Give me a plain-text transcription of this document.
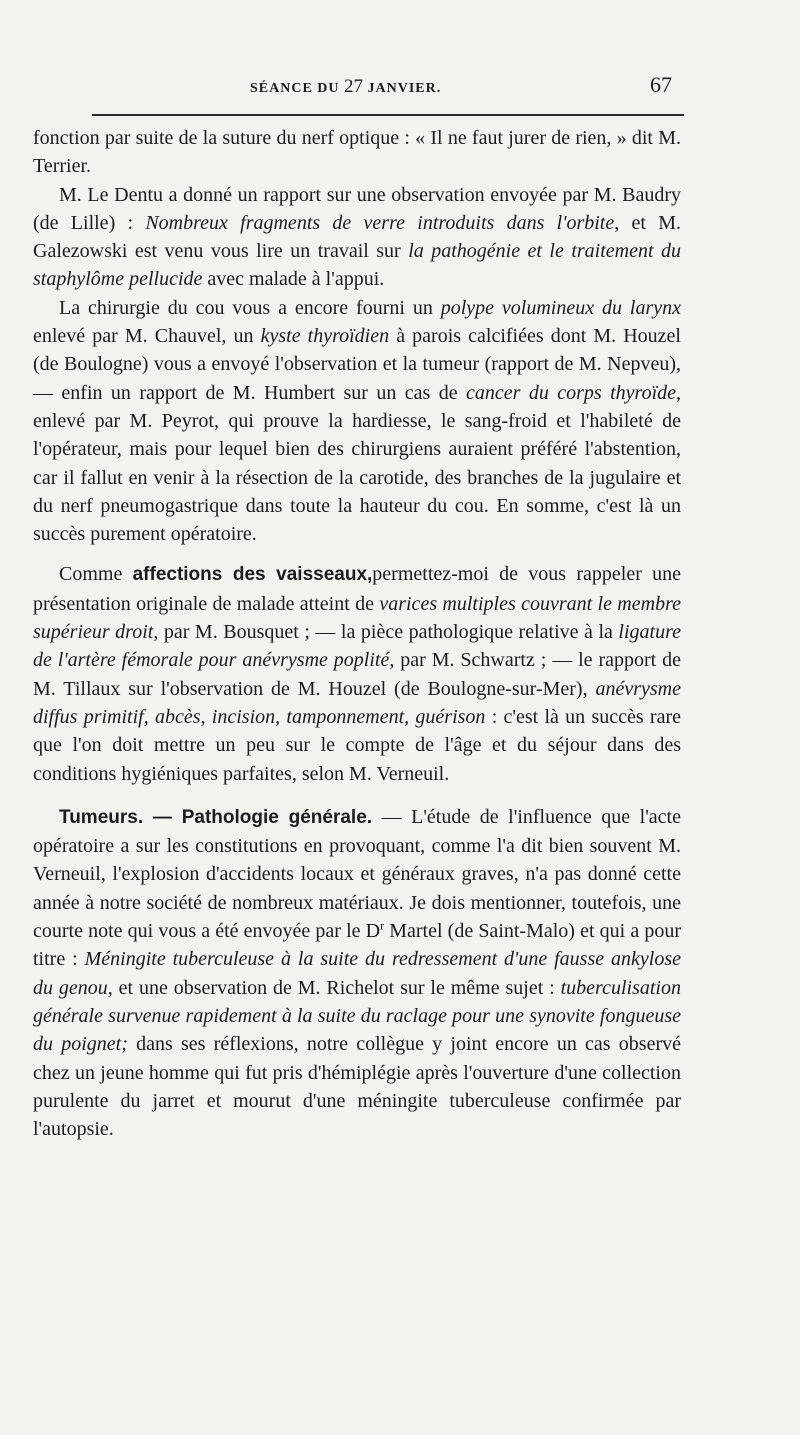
SÉANCE DU 27 JANVIER.	67

fonction par suite de la suture du nerf optique : « Il ne faut jurer de rien, » dit M. Terrier.

M. Le Dentu a donné un rapport sur une observation envoyée par M. Baudry (de Lille) : Nombreux fragments de verre introduits dans l'orbite, et M. Galezowski est venu vous lire un travail sur la pathogénie et le traitement du staphylôme pellucide avec malade à l'appui.

La chirurgie du cou vous a encore fourni un polype volumineux du larynx enlevé par M. Chauvel, un kyste thyroïdien à parois calcifiées dont M. Houzel (de Boulogne) vous a envoyé l'observation et la tumeur (rapport de M. Nepveu), — enfin un rapport de M. Humbert sur un cas de cancer du corps thyroïde, enlevé par M. Peyrot, qui prouve la hardiesse, le sang-froid et l'habileté de l'opérateur, mais pour lequel bien des chirurgiens auraient préféré l'abstention, car il fallut en venir à la résection de la carotide, des branches de la jugulaire et du nerf pneumogastrique dans toute la hauteur du cou. En somme, c'est là un succès purement opératoire.

Comme affections des vaisseaux,permettez-moi de vous rappeler une présentation originale de malade atteint de varices multiples couvrant le membre supérieur droit, par M. Bousquet ; — la pièce pathologique relative à la ligature de l'artère fémorale pour anévrysme poplité, par M. Schwartz ; — le rapport de M. Tillaux sur l'observation de M. Houzel (de Boulogne-sur-Mer), anévrysme diffus primitif, abcès, incision, tamponnement, guérison : c'est là un succès rare que l'on doit mettre un peu sur le compte de l'âge et du séjour dans des conditions hygiéniques parfaites, selon M. Verneuil.

Tumeurs. — Pathologie générale. — L'étude de l'influence que l'acte opératoire a sur les constitutions en provoquant, comme l'a dit bien souvent M. Verneuil, l'explosion d'accidents locaux et généraux graves, n'a pas donné cette année à notre société de nombreux matériaux. Je dois mentionner, toutefois, une courte note qui vous a été envoyée par le $D^r$ Martel (de Saint-Malo) et qui a pour titre : Méningite tuberculeuse à la suite du redressement d'une fausse ankylose du genou, et une observation de M. Richelot sur le même sujet : tuberculisation générale survenue rapidement à la suite du raclage pour une synovite fongueuse du poignet; dans ses réflexions, notre collègue y joint encore un cas observé chez un jeune homme qui fut pris d'hémiplégie après l'ouverture d'une collection purulente du jarret et mourut d'une méningite tuberculeuse confirmée par l'autopsie.
